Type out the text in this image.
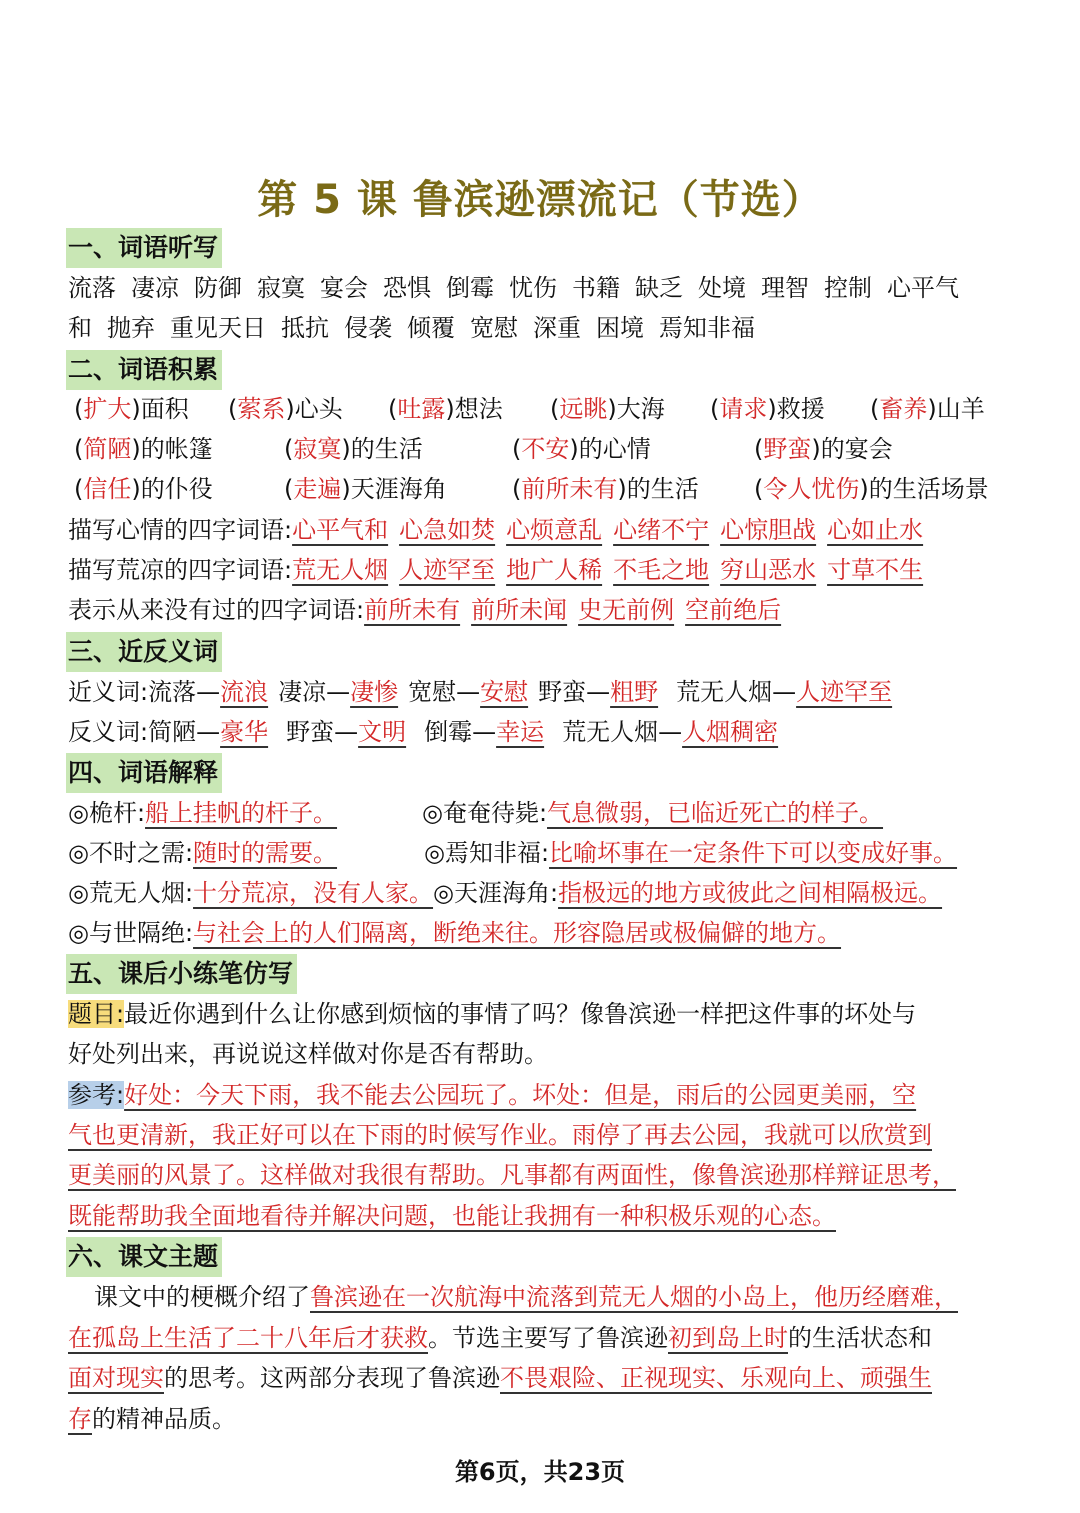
第 5 课 鲁滨逊漂流记（节选）
一、词语听写
流落 凄凉 防御 寂寞 宴会 恐惧 倒霉 忧伤 书籍 缺乏 处境 理智 控制 心平气
和 抛弃 重见天日 抵抗 侵袭 倾覆 宽慰 深重 困境 焉知非福
二、词语积累
(扩大)面积 (萦系)心头 (吐露)想法 (远眺)大海 (请求)救援 (畜养)山羊
(简陋)的帐篷	(寂寞)的生活	(不安)的心情	(野蛮)的宴会
(信任)的仆役	(走遍)天涯海角	(前所未有)的生活 (令人忧伤)的生活场景
描写心情的四字词语:心平气和 心急如焚 心烦意乱 心绪不宁 心惊胆战 心如止水
描写荒凉的四字词语:荒无人烟 人迹罕至 地广人稀 不毛之地 穷山恶水 寸草不生
表示从来没有过的四字词语:前所未有 前所未闻 史无前例 空前绝后
三、近反义词
近义词:流落—流浪 凄凉—凄惨 宽慰—安慰 野蛮—粗野 荒无人烟—人迹罕至
反义词:简陋—豪华 野蛮—文明 倒霉—幸运 荒无人烟—人烟稠密
四、词语解释
◎桅杆:船上挂帆的杆子。	◎奄奄待毙:气息微弱，已临近死亡的样子。
◎不时之需:随时的需要。	◎焉知非福:比喻坏事在一定条件下可以变成好事。
◎荒无人烟:十分荒凉，没有人家。◎天涯海角:指极远的地方或彼此之间相隔极远。
◎与世隔绝:与社会上的人们隔离，断绝来往。形容隐居或极偏僻的地方。
五、课后小练笔仿写
题目:最近你遇到什么让你感到烦恼的事情了吗？像鲁滨逊一样把这件事的坏处与
好处列出来，再说说这样做对你是否有帮助。
参考:好处：今天下雨，我不能去公园玩了。坏处：但是，雨后的公园更美丽，空
气也更清新，我正好可以在下雨的时候写作业。雨停了再去公园，我就可以欣赏到
更美丽的风景了。这样做对我很有帮助。凡事都有两面性，像鲁滨逊那样辩证思考，
既能帮助我全面地看待并解决问题，也能让我拥有一种积极乐观的心态。
六、课文主题
课文中的梗概介绍了鲁滨逊在一次航海中流落到荒无人烟的小岛上，他历经磨难，
在孤岛上生活了二十八年后才获救。节选主要写了鲁滨逊初到岛上时的生活状态和
面对现实的思考。这两部分表现了鲁滨逊不畏艰险、正视现实、乐观向上、顽强生
存的精神品质。
第6页，共23页
